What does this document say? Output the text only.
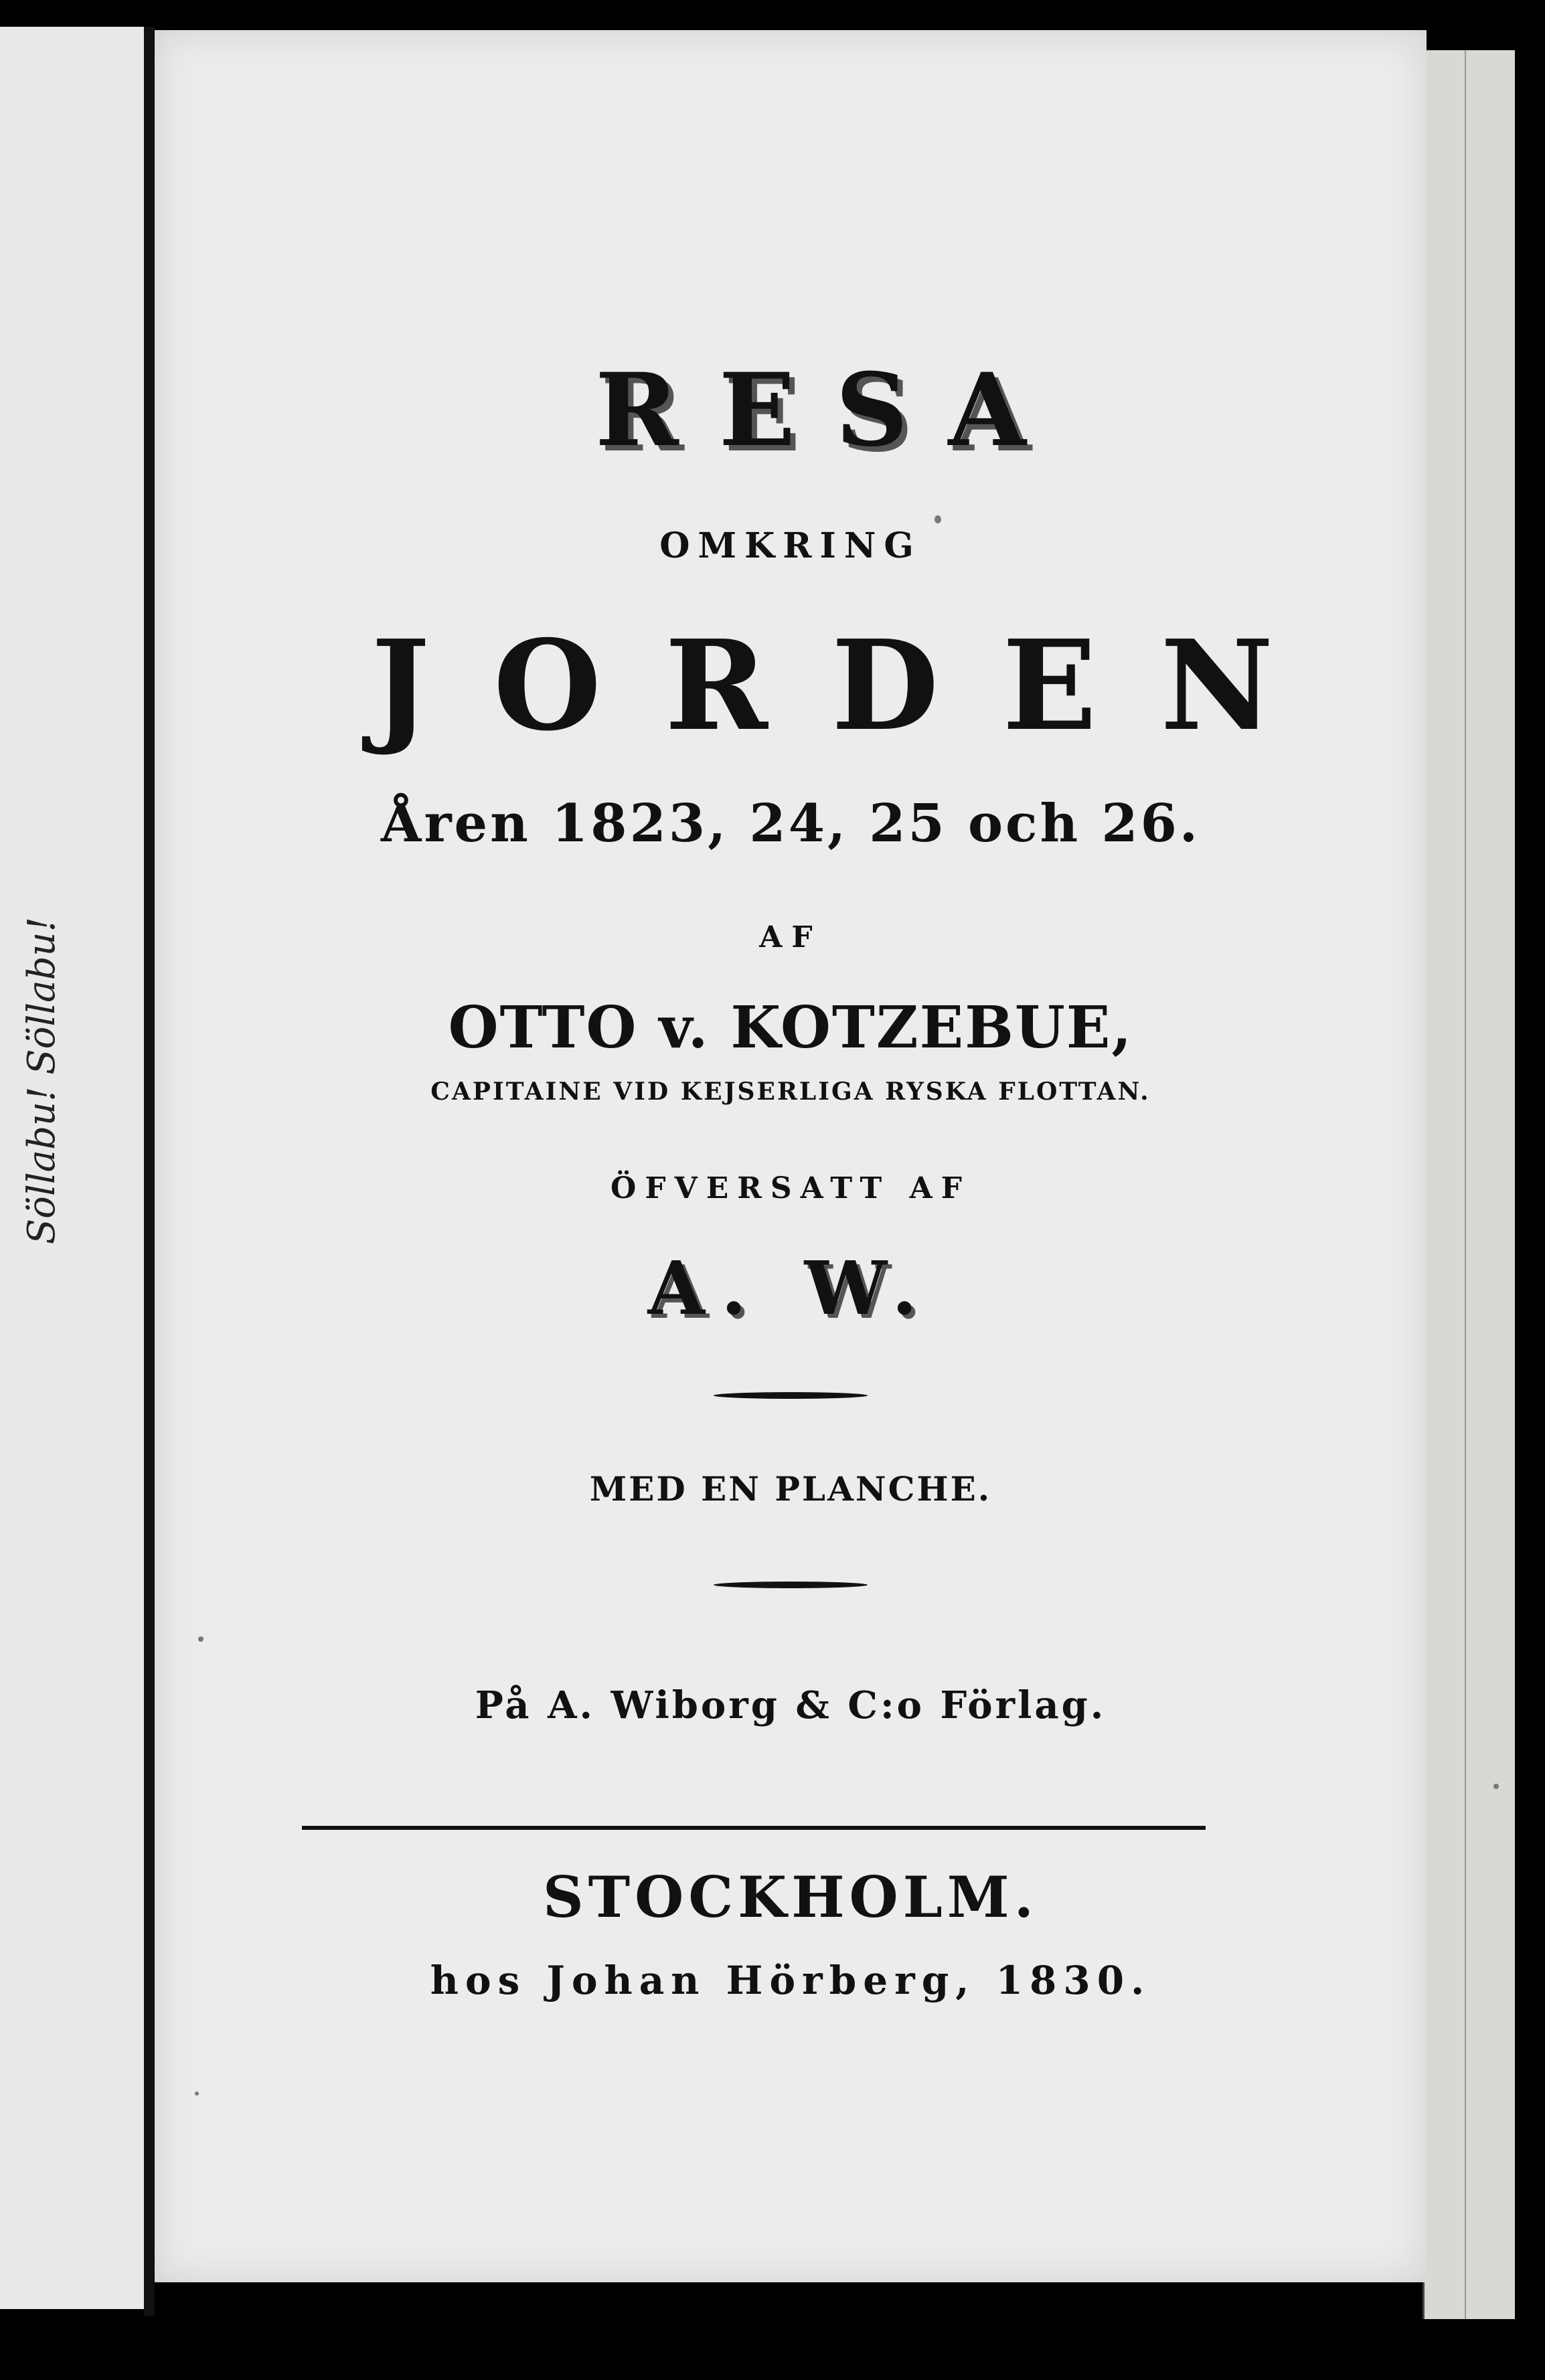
Söllabu! Söllabu!

RESA

OMKRING

JORDEN

Åren 1823, 24, 25 och 26.

AF

OTTO v. KOTZEBUE,

CAPITAINE VID KEJSERLIGA RYSKA FLOTTAN.

ÖFVERSATT AF

A. W.

MED EN PLANCHE.

På A. Wiborg & C:o Förlag.

STOCKHOLM.

hos Johan Hörberg, 1830.
